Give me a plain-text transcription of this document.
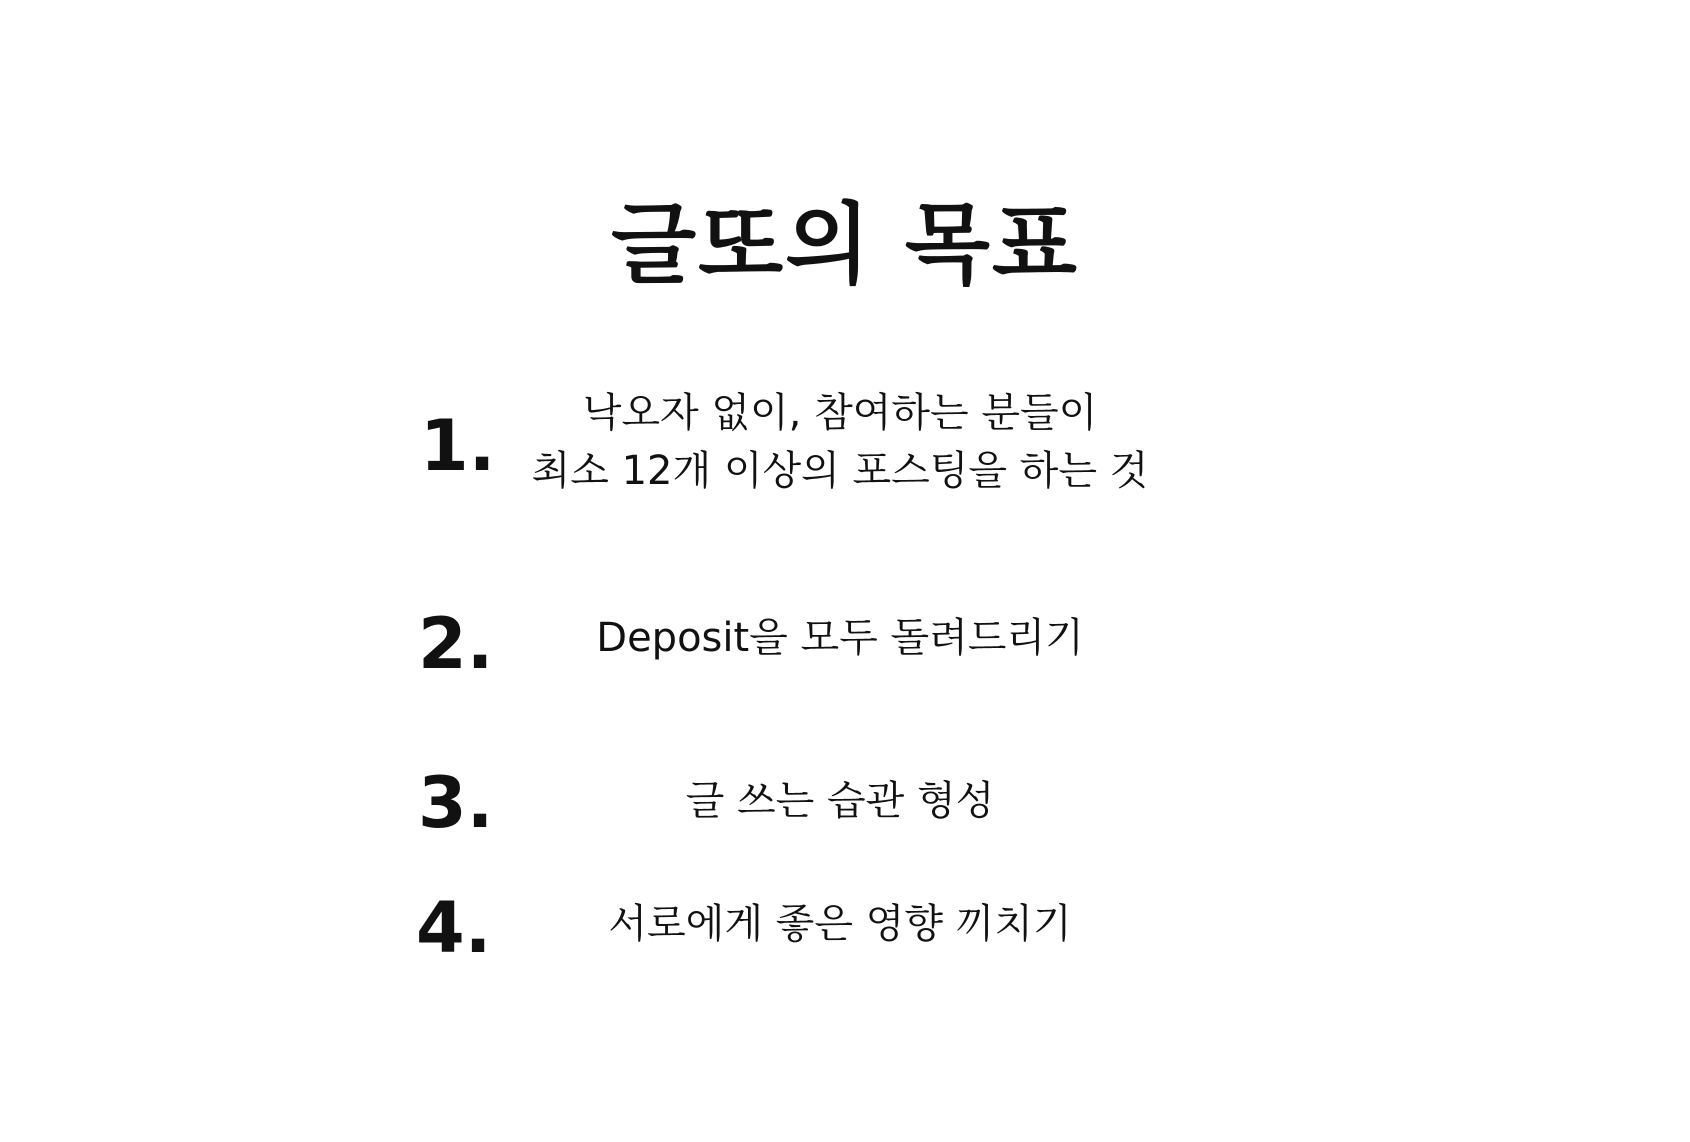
글또의 목표
1.	낙오자 없이, 참여하는 분들이
최소 12개 이상의 포스팅을 하는 것
2.	Deposit을 모두 돌려드리기
3.	글 쓰는 습관 형성
4.	서로에게 좋은 영향 끼치기
